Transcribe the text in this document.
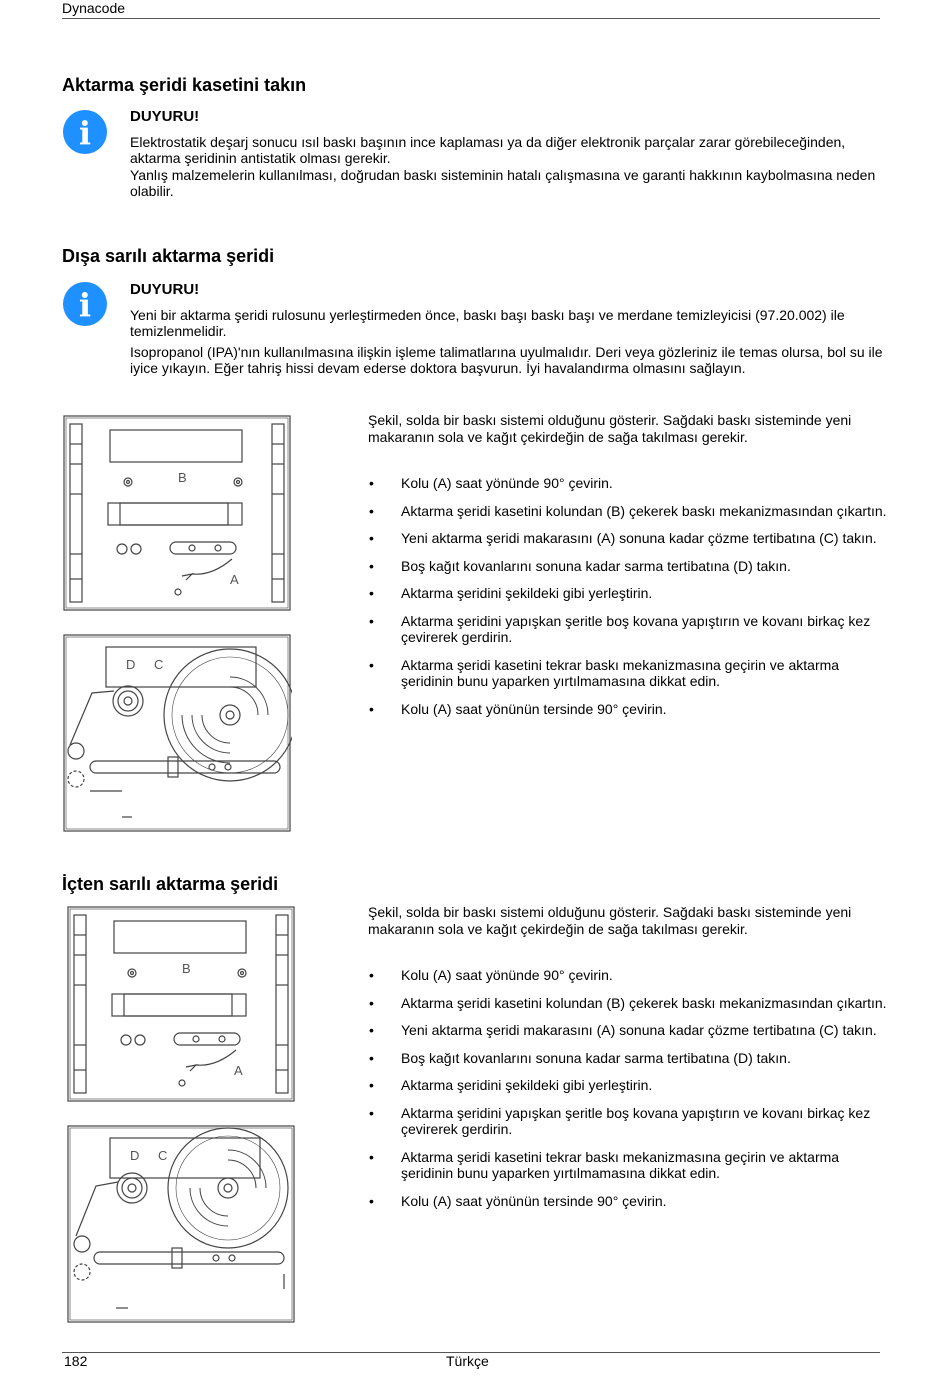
Dynacode
Aktarma şeridi kasetini takın
i	DUYURU!

Elektrostatik deşarj sonucu ısıl baskı başının ince kaplaması ya da diğer elektronik parçalar zarar görebileceğinden, aktarma şeridinin antistatik olması gerekir.

Yanlış malzemelerin kullanılması, doğrudan baskı sisteminin hatalı çalışmasına ve garanti hakkının kaybolmasına neden olabilir.

Dışa sarılı aktarma şeridi
i	DUYURU!

Yeni bir aktarma şeridi rulosunu yerleştirmeden önce, baskı başı baskı başı ve merdane temizleyicisi (97.20.002) ile temizlenmelidir.

Isopropanol (IPA)'nın kullanılmasına ilişkin işleme talimatlarına uyulmalıdır. Deri veya gözleriniz ile temas olursa, bol su ile iyice yıkayın. Eğer tahriş hissi devam ederse doktora başvurun. İyi havalandırma olmasını sağlayın.

B
A
D C

Şekil, solda bir baskı sistemi olduğunu gösterir. Sağdaki baskı sisteminde yeni makaranın sola ve kağıt çekirdeğin de sağa takılması gerekir.

• Kolu (A) saat yönünde 90° çevirin.
• Aktarma şeridi kasetini kolundan (B) çekerek baskı mekanizmasından çıkartın.
• Yeni aktarma şeridi makarasını (A) sonuna kadar çözme tertibatına (C) takın.
• Boş kağıt kovanlarını sonuna kadar sarma tertibatına (D) takın.
• Aktarma şeridini şekildeki gibi yerleştirin.
• Aktarma şeridini yapışkan şeritle boş kovana yapıştırın ve kovanı birkaç kez çevirerek gerdirin.
• Aktarma şeridi kasetini tekrar baskı mekanizmasına geçirin ve aktarma şeridinin bunu yaparken yırtılmamasına dikkat edin.
• Kolu (A) saat yönünün tersinde 90° çevirin.
İçten sarılı aktarma şeridi
B
A
D C

Şekil, solda bir baskı sistemi olduğunu gösterir. Sağdaki baskı sisteminde yeni makaranın sola ve kağıt çekirdeğin de sağa takılması gerekir.

• Kolu (A) saat yönünde 90° çevirin.
• Aktarma şeridi kasetini kolundan (B) çekerek baskı mekanizmasından çıkartın.
• Yeni aktarma şeridi makarasını (A) sonuna kadar çözme tertibatına (C) takın.
• Boş kağıt kovanlarını sonuna kadar sarma tertibatına (D) takın.
• Aktarma şeridini şekildeki gibi yerleştirin.
• Aktarma şeridini yapışkan şeritle boş kovana yapıştırın ve kovanı birkaç kez çevirerek gerdirin.
• Aktarma şeridi kasetini tekrar baskı mekanizmasına geçirin ve aktarma şeridinin bunu yaparken yırtılmamasına dikkat edin.
• Kolu (A) saat yönünün tersinde 90° çevirin.
182	Türkçe
